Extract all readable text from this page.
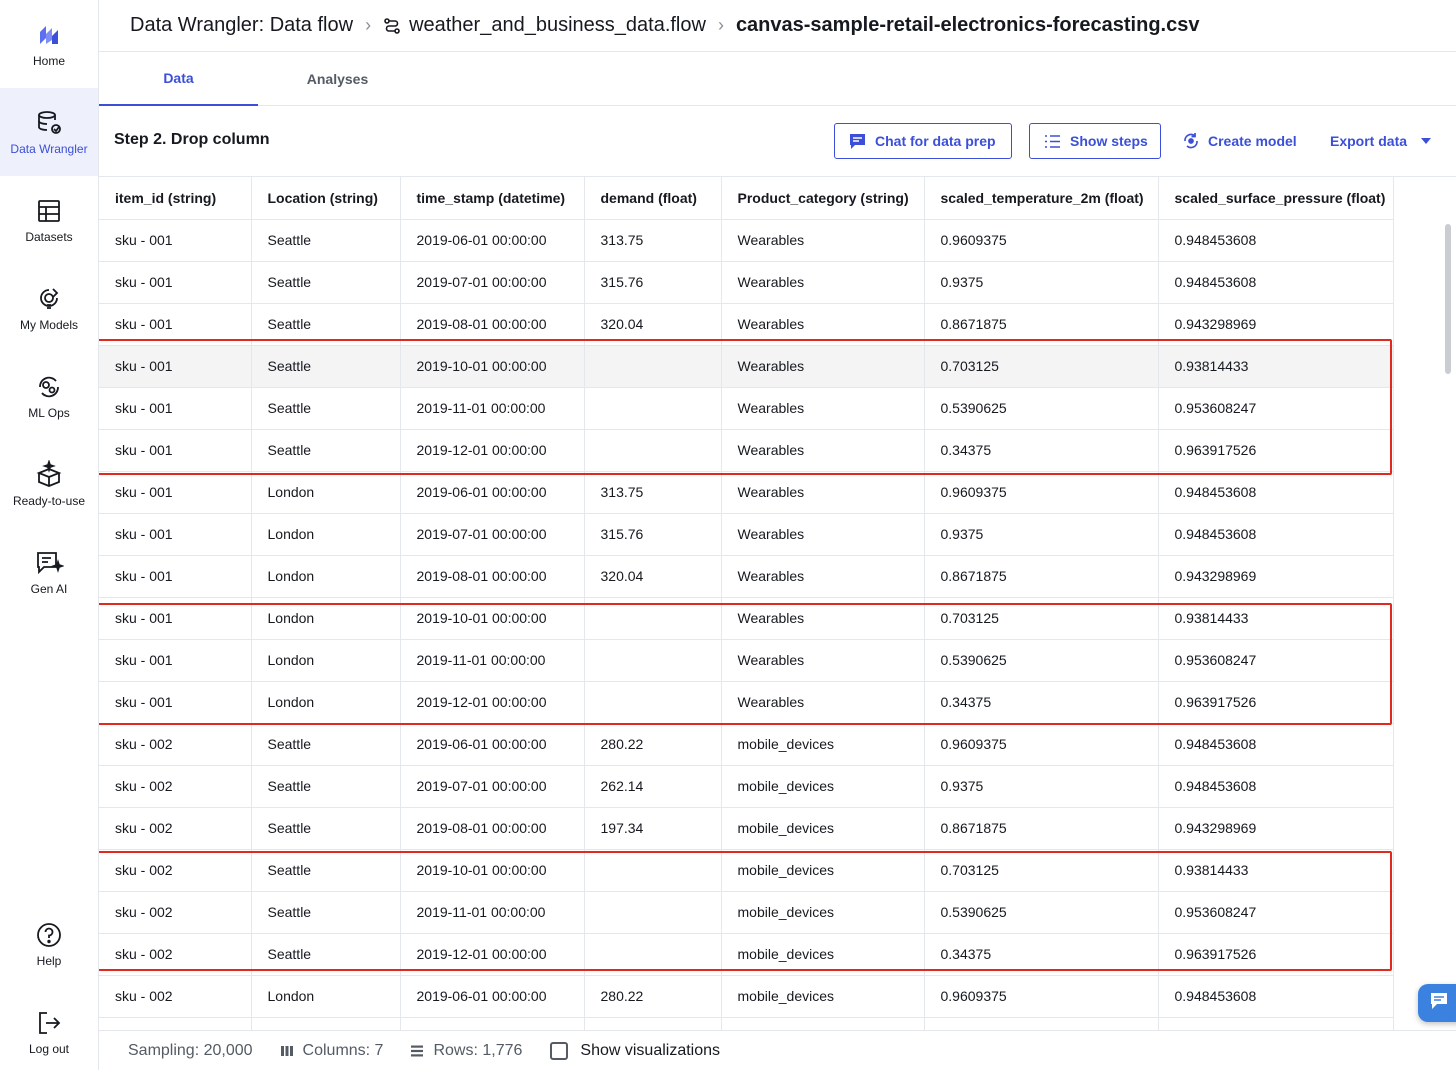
Home
Data Wrangler
Datasets
My Models
ML Ops
Ready-to-use
Gen AI
Help
Log out
Data Wrangler: Data flow › weather_and_business_data.flow › canvas-sample-retail-electronics-forecasting.csv
Data	Analyses
Step 2. Drop column	Chat for data prep	Show steps	Create model Export data
item_id (string)	Location (string)	time_stamp (datetime)	demand (float)	Product_category (string)	scaled_temperature_2m (float)	scaled_surface_pressure (float)
sku - 001	Seattle	2019-06-01 00:00:00	313.75	Wearables	0.9609375	0.948453608
sku - 001	Seattle	2019-07-01 00:00:00	315.76	Wearables	0.9375	0.948453608
sku - 001	Seattle	2019-08-01 00:00:00	320.04	Wearables	0.8671875	0.943298969
sku - 001	Seattle	2019-10-01 00:00:00		Wearables	0.703125	0.93814433
sku - 001	Seattle	2019-11-01 00:00:00		Wearables	0.5390625	0.953608247
sku - 001	Seattle	2019-12-01 00:00:00		Wearables	0.34375	0.963917526
sku - 001	London	2019-06-01 00:00:00	313.75	Wearables	0.9609375	0.948453608
sku - 001	London	2019-07-01 00:00:00	315.76	Wearables	0.9375	0.948453608
sku - 001	London	2019-08-01 00:00:00	320.04	Wearables	0.8671875	0.943298969
sku - 001	London	2019-10-01 00:00:00		Wearables	0.703125	0.93814433
sku - 001	London	2019-11-01 00:00:00		Wearables	0.5390625	0.953608247
sku - 001	London	2019-12-01 00:00:00		Wearables	0.34375	0.963917526
sku - 002	Seattle	2019-06-01 00:00:00	280.22	mobile_devices	0.9609375	0.948453608
sku - 002	Seattle	2019-07-01 00:00:00	262.14	mobile_devices	0.9375	0.948453608
sku - 002	Seattle	2019-08-01 00:00:00	197.34	mobile_devices	0.8671875	0.943298969
sku - 002	Seattle	2019-10-01 00:00:00		mobile_devices	0.703125	0.93814433
sku - 002	Seattle	2019-11-01 00:00:00		mobile_devices	0.5390625	0.953608247
sku - 002	Seattle	2019-12-01 00:00:00		mobile_devices	0.34375	0.963917526
sku - 002	London	2019-06-01 00:00:00	280.22	mobile_devices	0.9609375	0.948453608

Sampling: 20,000	Columns: 7	Rows: 1,776	Show visualizations
